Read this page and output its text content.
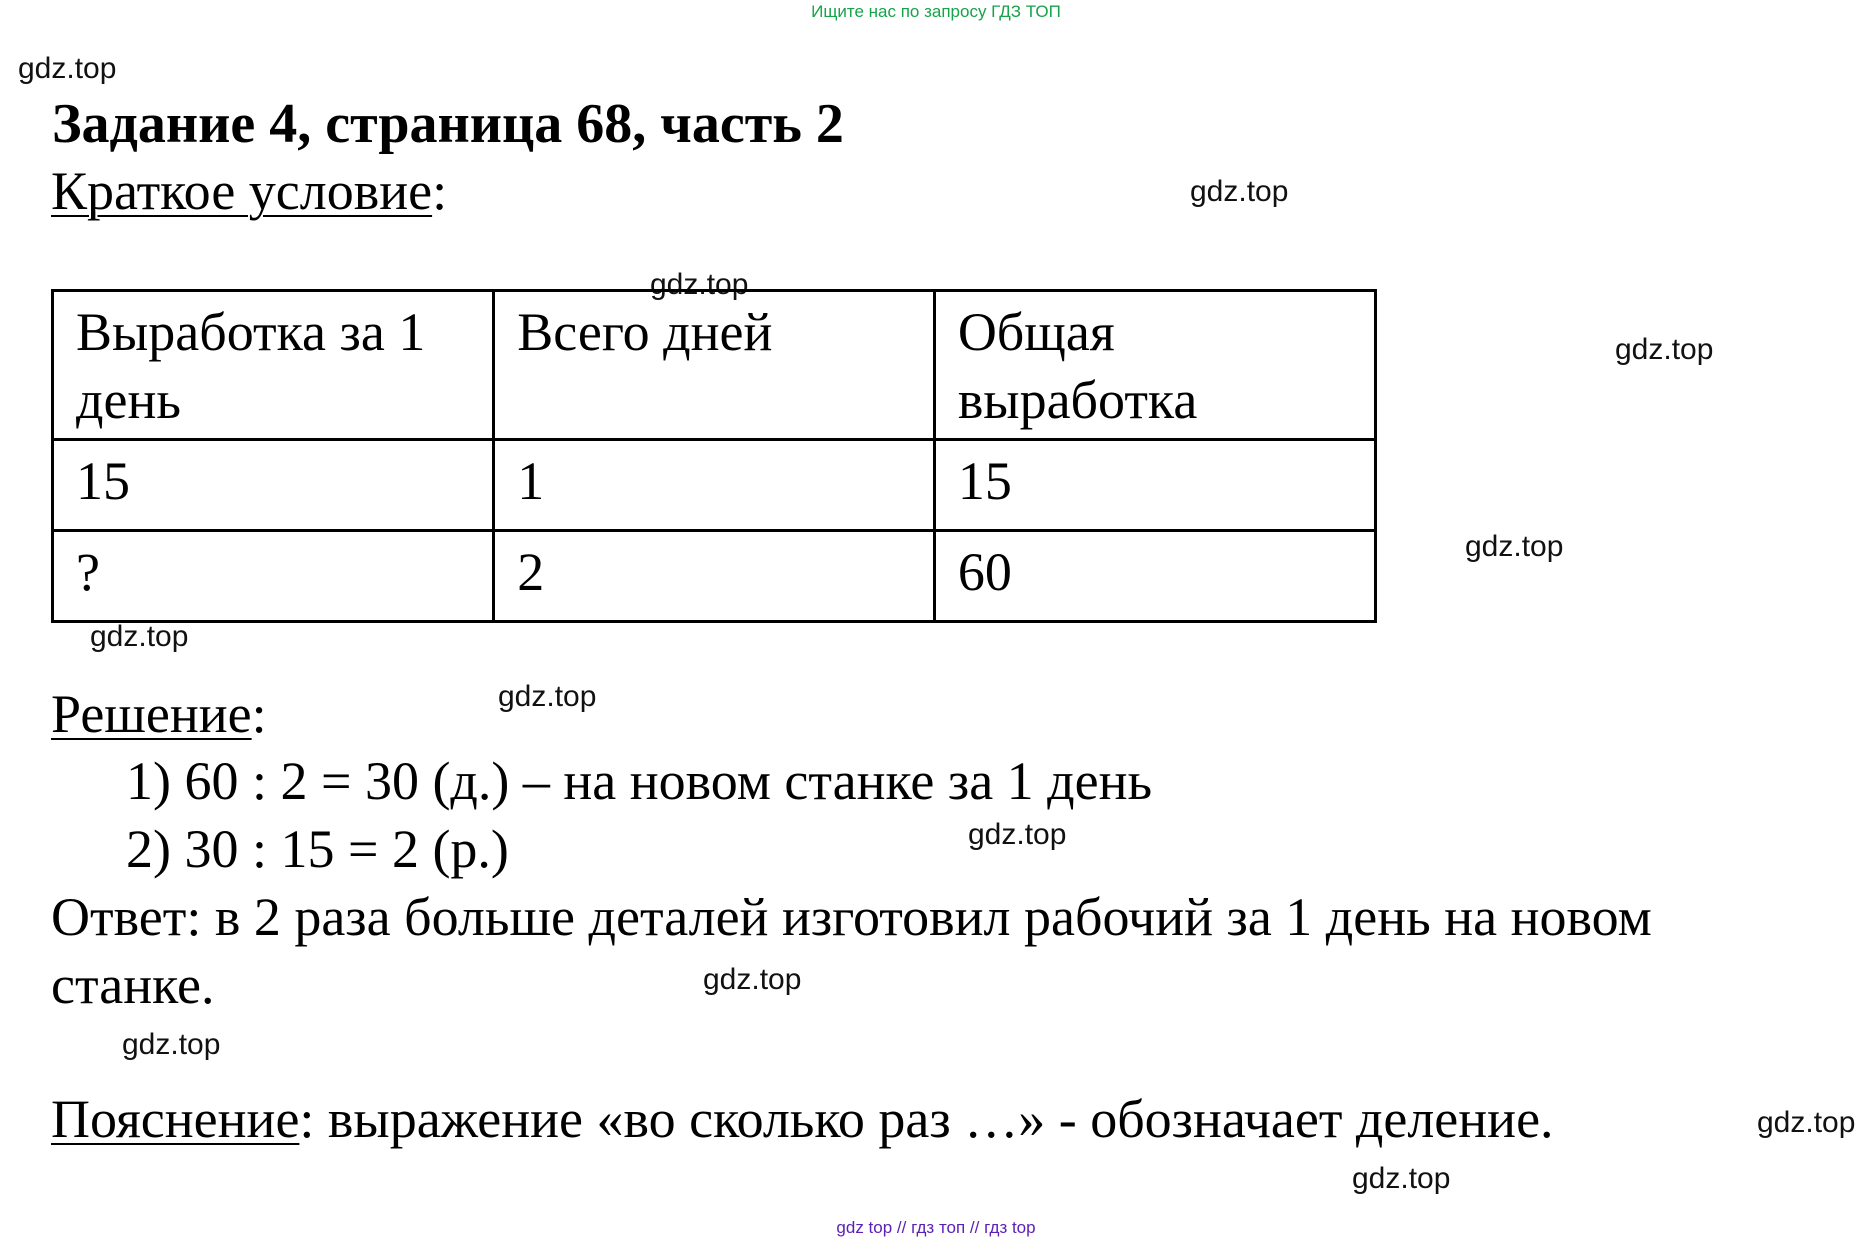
Ищите нас по запросу ГДЗ ТОП
gdz.top
gdz.top
gdz.top
gdz.top
gdz.top
gdz.top
gdz.top
gdz.top
gdz.top
gdz.top
gdz.top
gdz.top
Задание 4, страница 68, часть 2
Краткое условие:
Выработка за 1 день	Всего дней	Общая выработка
15	1	15
?	2	60
Решение:
1) 60 : 2 = 30 (д.) – на новом станке за 1 день
2) 30 : 15 = 2 (р.)
Ответ: в 2 раза больше деталей изготовил рабочий за 1 день на новом
станке.
Пояснение: выражение «во сколько раз …» - обозначает деление.
gdz top // гдз топ // гдз top
